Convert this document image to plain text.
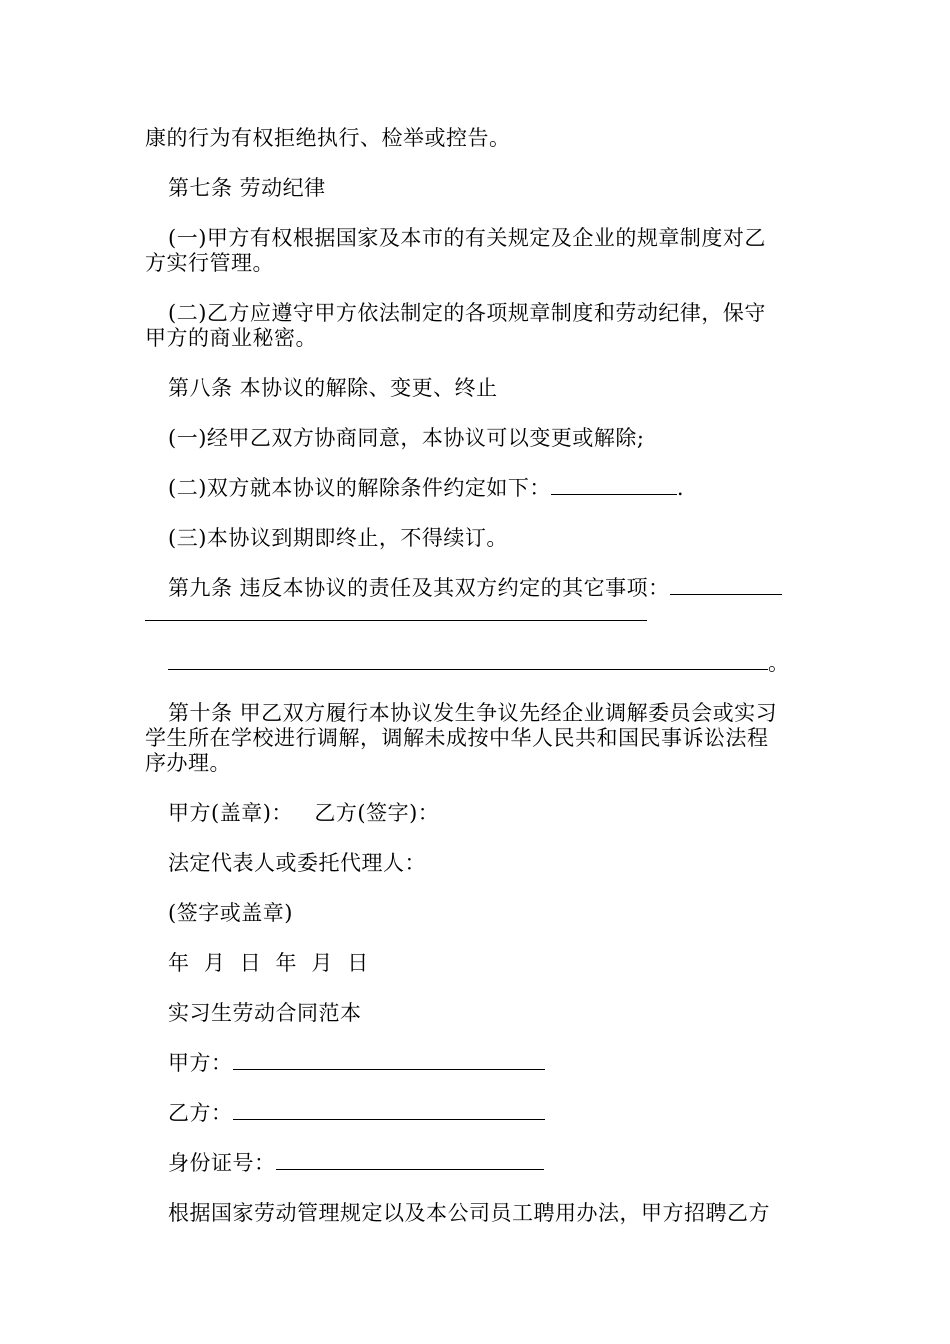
康的行为有权拒绝执行、检举或控告。
第七条 劳动纪律
(一)甲方有权根据国家及本市的有关规定及企业的规章制度对乙
方实行管理。
(二)乙方应遵守甲方依法制定的各项规章制度和劳动纪律，保守
甲方的商业秘密。
第八条 本协议的解除、变更、终止
(一)经甲乙双方协商同意，本协议可以变更或解除;
(二)双方就本协议的解除条件约定如下：	.
(三)本协议到期即终止，不得续订。
第九条 违反本协议的责任及其双方约定的其它事项：
。
第十条 甲乙双方履行本协议发生争议先经企业调解委员会或实习
学生所在学校进行调解，调解未成按中华人民共和国民事诉讼法程
序办理。
甲方(盖章)：   乙方(签字)：
法定代表人或委托代理人：
(签字或盖章)
年  月  日  年  月  日
实习生劳动合同范本
甲方：
乙方：
身份证号：
根据国家劳动管理规定以及本公司员工聘用办法，甲方招聘乙方
